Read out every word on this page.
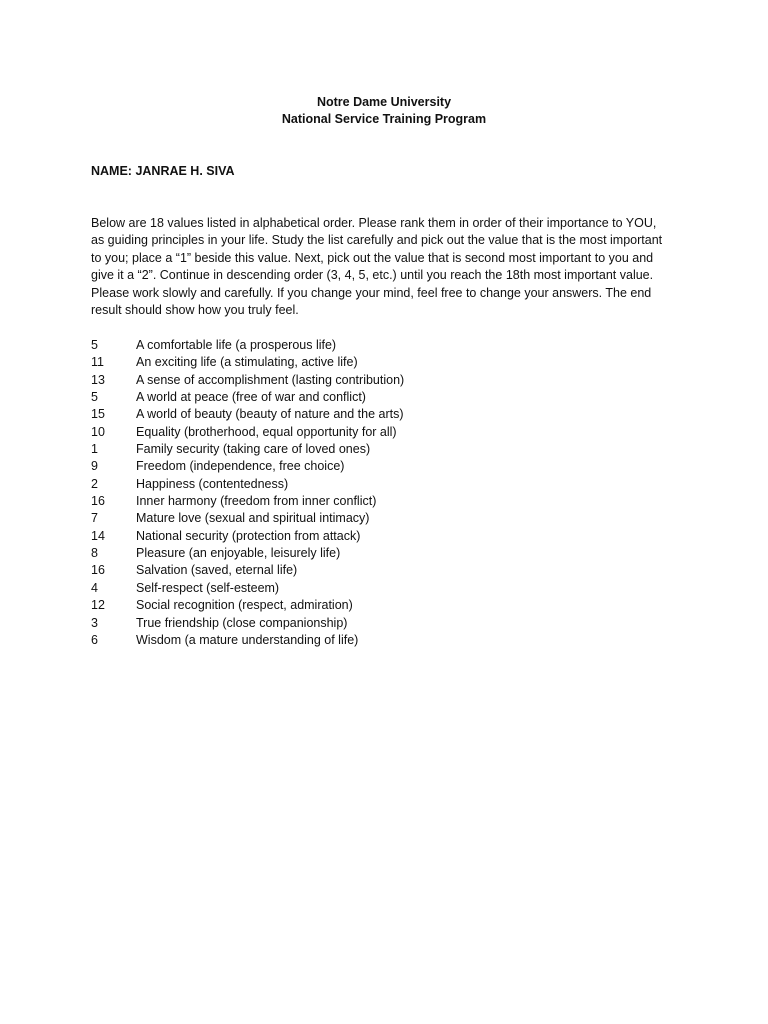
Notre Dame University
National Service Training Program
NAME: JANRAE H. SIVA
Below are 18 values listed in alphabetical order. Please rank them in order of their importance to YOU,
as guiding principles in your life. Study the list carefully and pick out the value that is the most important
to you; place a “1” beside this value. Next, pick out the value that is second most important to you and
give it a “2”. Continue in descending order (3, 4, 5, etc.) until you reach the 18th most important value.
Please work slowly and carefully. If you change your mind, feel free to change your answers. The end
result should show how you truly feel.
5	A comfortable life (a prosperous life)
11	An exciting life (a stimulating, active life)
13	A sense of accomplishment (lasting contribution)
5	A world at peace (free of war and conflict)
15	A world of beauty (beauty of nature and the arts)
10	Equality (brotherhood, equal opportunity for all)
1	Family security (taking care of loved ones)
9	Freedom (independence, free choice)
2	Happiness (contentedness)
16	Inner harmony (freedom from inner conflict)
7	Mature love (sexual and spiritual intimacy)
14	National security (protection from attack)
8	Pleasure (an enjoyable, leisurely life)
16	Salvation (saved, eternal life)
4	Self-respect (self-esteem)
12	Social recognition (respect, admiration)
3	True friendship (close companionship)
6	Wisdom (a mature understanding of life)
